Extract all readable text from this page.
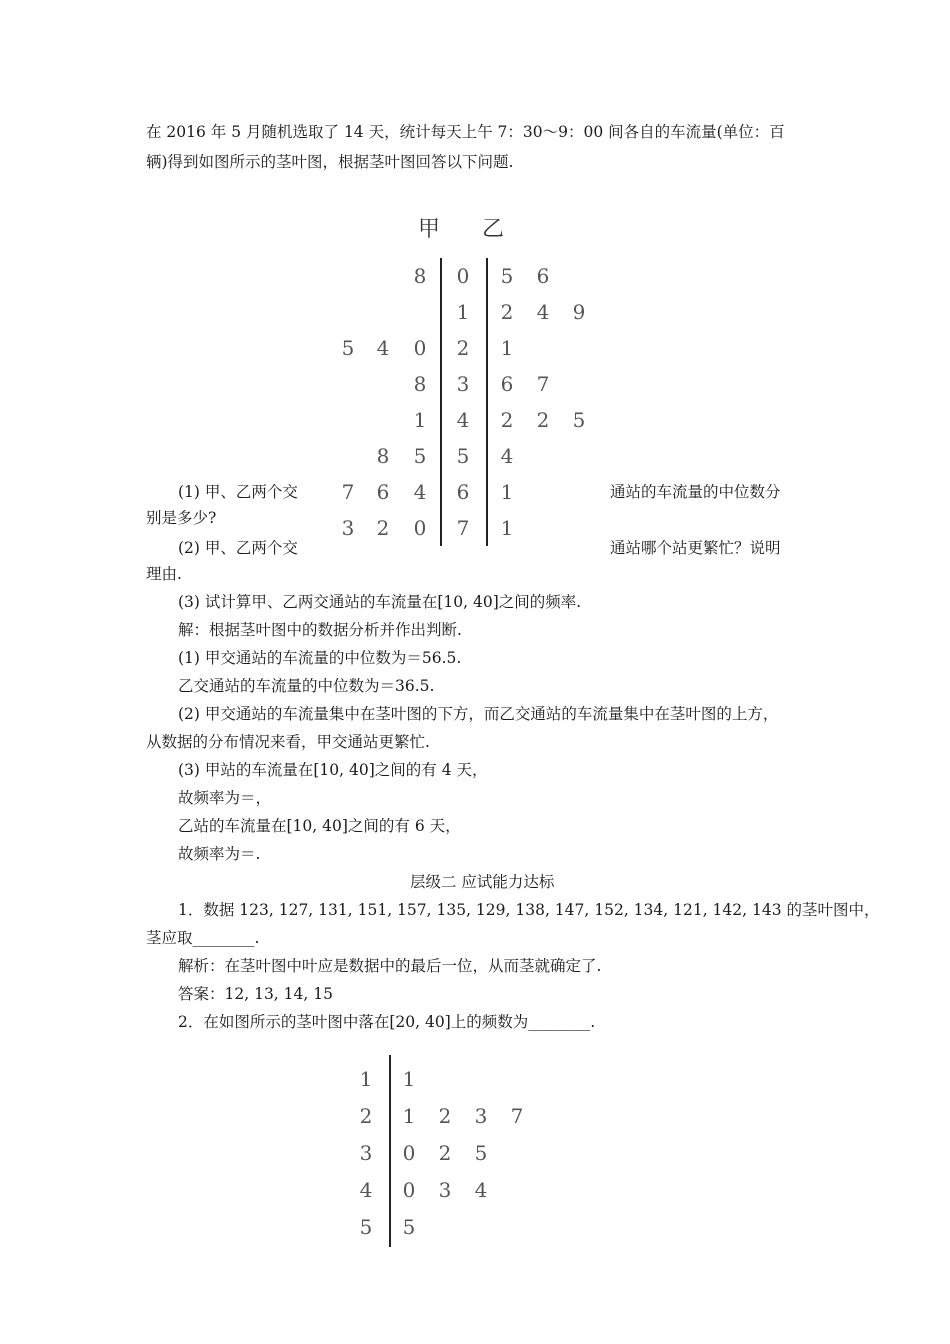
在 2016 年 5 月随机选取了 14 天，统计每天上午 7：30～9：00 间各自的车流量(单位：百
辆)得到如图所示的茎叶图，根据茎叶图回答以下问题.
甲 乙
8 0 5 6
1 2 4 9
5 4 0 2 1
8 3 6 7
1 4 2 2 5
8 5 5 4
7 6 4 6 1
3 2 0 7 1
(1) 甲、乙两个交	通站的车流量的中位数分
别是多少?
(2) 甲、乙两个交	通站哪个站更繁忙？说明
理由.
(3) 试计算甲、乙两交通站的车流量在[10, 40]之间的频率.
解：根据茎叶图中的数据分析并作出判断.
(1) 甲交通站的车流量的中位数为＝56.5.
乙交通站的车流量的中位数为＝36.5.
(2) 甲交通站的车流量集中在茎叶图的下方，而乙交通站的车流量集中在茎叶图的上方，
从数据的分布情况来看，甲交通站更繁忙.
(3) 甲站的车流量在[10, 40]之间的有 4 天，
故频率为＝，
乙站的车流量在[10, 40]之间的有 6 天，
故频率为＝.
层级二 应试能力达标
1．数据 123, 127, 131, 151, 157, 135, 129, 138, 147, 152, 134, 121, 142, 143 的茎叶图中，
茎应取________.
解析：在茎叶图中叶应是数据中的最后一位，从而茎就确定了.
答案：12, 13, 14, 15
2．在如图所示的茎叶图中落在[20, 40]上的频数为________.
1 1
2 1 2 3 7
3 0 2 5
4 0 3 4
5 5
